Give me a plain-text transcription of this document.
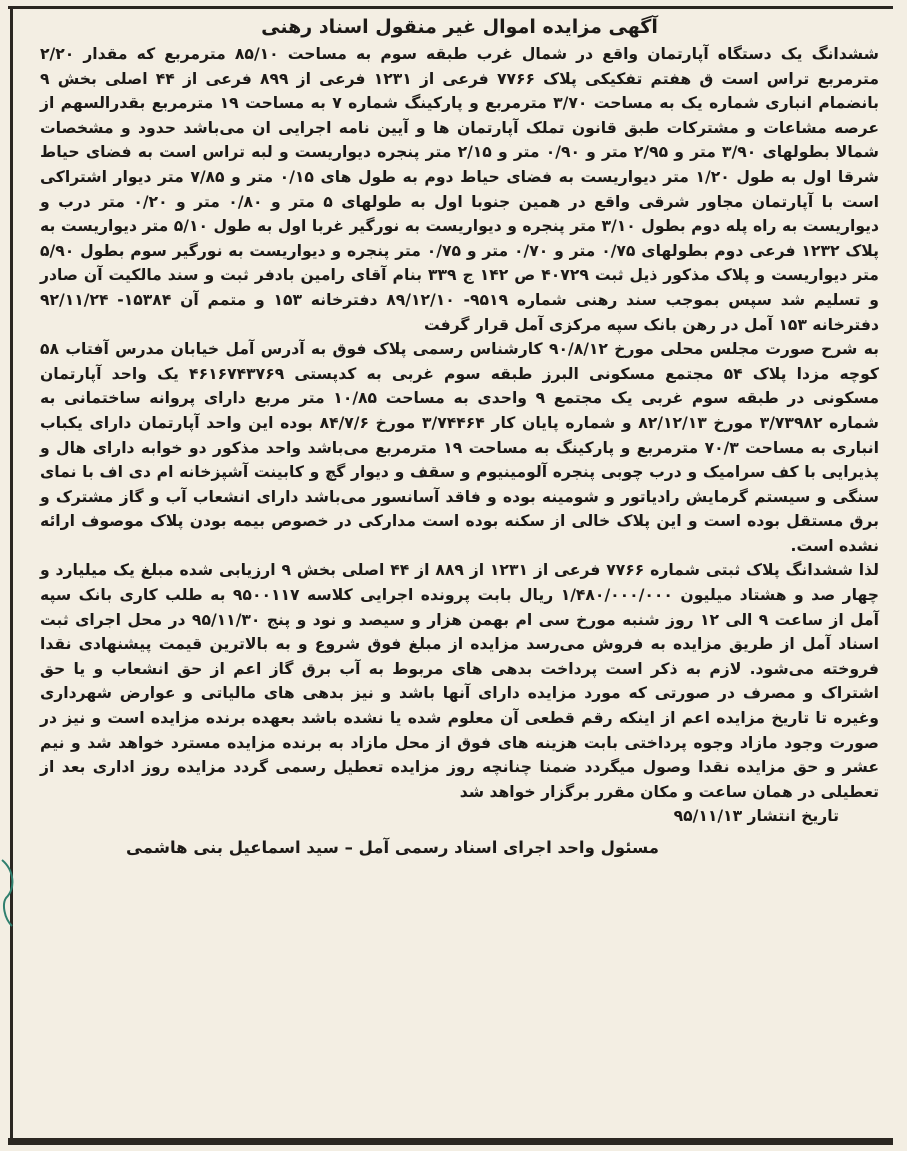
آگهی مزایده اموال غیر منقول اسناد رهنی

ششدانگ یک دستگاه آپارتمان واقع در شمال غرب طبقه سوم به مساحت ۸۵/۱۰ مترمربع که مقدار ۲/۲۰ مترمربع تراس است ق هفتم تفکیکی پلاک ۷۷۶۶ فرعی از ۱۲۳۱ فرعی از ۸۹۹ فرعی از ۴۴ اصلی بخش ۹ بانضمام انباری شماره یک به مساحت ۳/۷۰ مترمربع و پارکینگ شماره ۷ به مساحت ۱۹ مترمربع بقدرالسهم از عرصه مشاعات و مشترکات طبق قانون تملک آپارتمان ها و آیین نامه اجرایی ان می‌باشد حدود و مشخصات شمالا بطولهای ۳/۹۰ متر و ۲/۹۵ متر و ۰/۹۰ متر و ۲/۱۵ متر پنجره دیواریست و لبه تراس است به فضای حیاط شرقا اول به طول ۱/۲۰ متر دیواریست به فضای حیاط دوم به طول های ۰/۱۵ متر و ۷/۸۵ متر دیوار اشتراکی است با آپارتمان مجاور شرقی واقع در همین جنوبا اول به طولهای ۵ متر و ۰/۸۰ متر و ۰/۲۰ متر درب و دیواریست به راه پله دوم بطول ۳/۱۰ متر پنجره و دیواریست به نورگیر غربا اول به طول ۵/۱۰ متر دیواریست به پلاک ۱۲۳۲ فرعی دوم بطولهای ۰/۷۵ متر و ۰/۷۰ متر و ۰/۷۵ متر پنجره و دیواریست به نورگیر سوم بطول ۵/۹۰ متر دیواریست و پلاک مذکور ذیل ثبت ۴۰۷۲۹ ص ۱۴۲ ج ۳۳۹ بنام آقای رامین بادفر ثبت و سند مالکیت آن صادر و تسلیم شد سپس بموجب سند رهنی شماره ۹۵۱۹- ۸۹/۱۲/۱۰ دفترخانه ۱۵۳ و متمم آن ۱۵۳۸۴- ۹۲/۱۱/۲۴ دفترخانه ۱۵۳ آمل در رهن بانک سپه مرکزی آمل قرار گرفت

به شرح صورت مجلس محلی مورخ ۹۰/۸/۱۲ کارشناس رسمی پلاک فوق به آدرس آمل خیابان مدرس آفتاب ۵۸ کوچه مزدا پلاک ۵۴ مجتمع مسکونی البرز طبقه سوم غربی به کدپستی ۴۶۱۶۷۴۳۷۶۹ یک واحد آپارتمان مسکونی در طبقه سوم غربی یک مجتمع ۹ واحدی به مساحت ۱۰/۸۵ متر مربع دارای پروانه ساختمانی به شماره ۳/۷۳۹۸۲ مورخ ۸۲/۱۲/۱۳ و شماره پایان کار ۳/۷۴۴۶۴ مورخ ۸۴/۷/۶ بوده این واحد آپارتمان دارای یکباب انباری به مساحت ۷۰/۳ مترمربع و پارکینگ به مساحت ۱۹ مترمربع می‌باشد واحد مذکور دو خوابه دارای هال و پذیرایی با کف سرامیک و درب چوبی پنجره آلومینیوم و سقف و دیوار گچ و کابینت آشپزخانه ام دی اف با نمای سنگی و سیستم گرمایش رادیاتور و شومینه بوده و فاقد آسانسور می‌باشد دارای انشعاب آب و گاز مشترک و برق مستقل بوده است و این پلاک خالی از سکنه بوده است مدارکی در خصوص بیمه بودن پلاک موصوف ارائه نشده است.

لذا ششدانگ پلاک ثبتی شماره ۷۷۶۶ فرعی از ۱۲۳۱ از ۸۸۹ از ۴۴ اصلی بخش ۹ ارزیابی شده مبلغ یک میلیارد و چهار صد و هشتاد میلیون ۱/۴۸۰/۰۰۰/۰۰۰ ریال بابت پرونده اجرایی کلاسه ۹۵۰۰۱۱۷ به طلب کاری بانک سپه آمل از ساعت ۹ الی ۱۲ روز شنبه مورخ سی ام بهمن هزار و سیصد و نود و پنج ۹۵/۱۱/۳۰ در محل اجرای ثبت اسناد آمل از طریق مزایده به فروش می‌رسد مزایده از مبلغ فوق شروع و به بالاترین قیمت پیشنهادی نقدا فروخته می‌شود. لازم به ذکر است پرداخت بدهی های مربوط به آب برق گاز اعم از حق انشعاب و یا حق اشتراک و مصرف در صورتی که مورد مزایده دارای آنها باشد و نیز بدهی های مالیاتی و عوارض شهرداری وغیره تا تاریخ مزایده اعم از اینکه رقم قطعی آن معلوم شده یا نشده باشد بعهده برنده مزایده است و نیز در صورت وجود مازاد وجوه پرداختی بابت هزینه های فوق از محل مازاد به برنده مزایده مسترد خواهد شد و نیم عشر و حق مزایده نقدا وصول میگردد ضمنا چنانچه روز مزایده تعطیل رسمی گردد مزایده روز اداری بعد از تعطیلی در همان ساعت و مکان مقرر برگزار خواهد شد

تاریخ انتشار ۹۵/۱۱/۱۳
مسئول واحد اجرای اسناد رسمی آمل – سید اسماعیل بنی هاشمی
